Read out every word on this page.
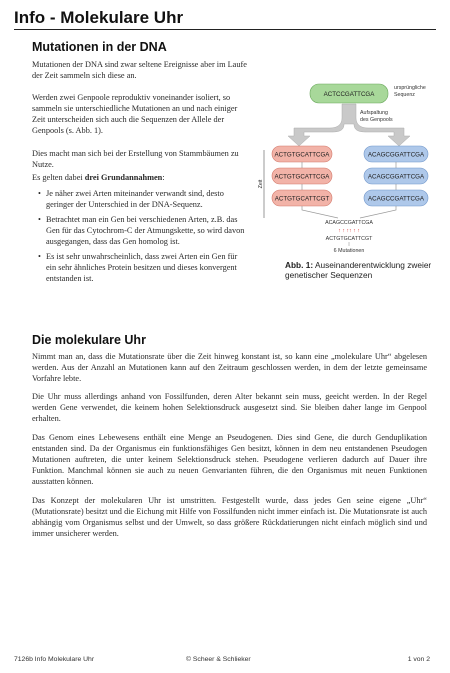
Info - Molekulare Uhr
Mutationen in der DNA

Mutationen der DNA sind zwar seltene Ereignisse aber im Laufe der Zeit sammeln sich diese an.

Werden zwei Genpoole reproduktiv voneinander isoliert, so sammeln sie unterschiedliche Mutationen an und nach einiger Zeit unterscheiden sich auch die Sequenzen der Allele der Genpools (s. Abb. 1).

Dies macht man sich bei der Erstellung von Stammbäumen zu Nutze.

Es gelten dabei drei Grundannahmen:

• Je näher zwei Arten miteinander verwandt sind, desto geringer der Unterschied in der DNA-Sequenz.
• Betrachtet man ein Gen bei verschiedenen Arten, z.B. das Gen für das Cytochrom-C der Atmungskette, so wird davon ausgegangen, dass das Gen homolog ist.
• Es ist sehr unwahrscheinlich, dass zwei Arten ein Gen für ein sehr ähnliches Protein besitzen und dieses konvergent entstanden ist.
ACTCCGATTCGA
ursprüngliche
Sequenz
Aufspaltung
des Genpools
Zeit
ACTGTGCATTCGA
ACTGTGCATTCGA
ACTGTGCATTCGT
ACAGCGGATTCGA
ACAGCGGATTCGA
ACAGCCGATTCGA
ACAGCCGATTCGA
↑ ↑ ↑↑ ↑ ↑
ACTGTGCATTCGT
6 Mutationen
Abb. 1: Auseinanderentwicklung zweier genetischer Sequenzen
Die molekulare Uhr

Nimmt man an, dass die Mutationsrate über die Zeit hinweg konstant ist, so kann eine „molekulare Uhr“ abgelesen werden. Aus der Anzahl an Mutationen kann auf den Zeitraum geschlossen werden, in dem der letzte gemeinsame Vorfahre lebte.

Die Uhr muss allerdings anhand von Fossilfunden, deren Alter bekannt sein muss, geeicht werden. In der Regel werden Gene verwendet, die keinem hohen Selektionsdruck ausgesetzt sind. Sie bleiben daher lange im Genpool erhalten.

Das Genom eines Lebewesens enthält eine Menge an Pseudogenen. Dies sind Gene, die durch Genduplikation entstanden sind. Da der Organismus ein funktionsfähiges Gen besitzt, können in dem neu entstandenen Pseudogen Mutationen auftreten, die unter keinem Selektionsdruck stehen. Pseudogene verlieren dadurch auf Dauer ihre Funktion. Manchmal können sie auch zu neuen Genvarianten führen, die den Organismus mit neuen Funktionen ausstatten können.

Das Konzept der molekularen Uhr ist umstritten. Festgestellt wurde, dass jedes Gen seine eigene „Uhr“ (Mutationsrate) besitzt und die Eichung mit Hilfe von Fossilfunden nicht immer einfach ist. Die Mutationsrate ist auch abhängig vom Organismus selbst und der Umwelt, so dass größere Rückdatierungen nicht einfach möglich sind und immer unsicherer werden.

7126b Info Molekulare Uhr	© Scheer & Schlieker	1 von 2
